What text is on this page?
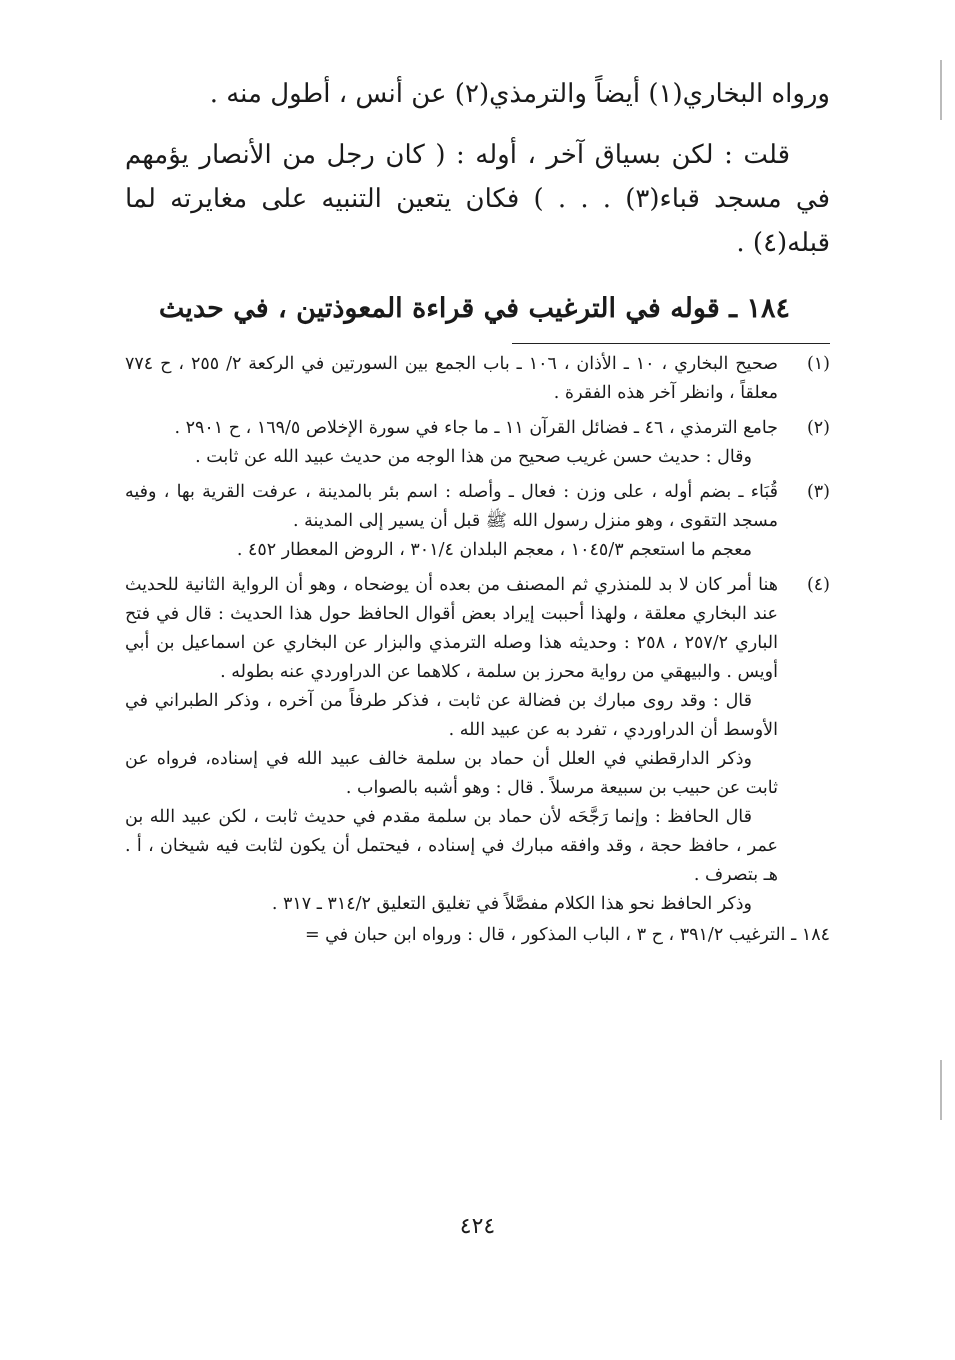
ورواه البخاري(١) أيضاً والترمذي(٢) عن أنس ، أطول منه .

قلت : لكن بسياق آخر ، أوله : ( كان رجل من الأنصار يؤمهم في مسجد قباء(٣) . . . ) فكان يتعين التنبيه على مغايرته لما قبله(٤) .

١٨٤ ـ قوله في الترغيب في قراءة المعوذتين ، في حديث

(١)

صحيح البخاري ، ١٠ ـ الأذان ، ١٠٦ ـ باب الجمع بين السورتين في الركعة ٢/ ٢٥٥ ، ح ٧٧٤ معلقاً ، وانظر آخر هذه الفقرة .

(٢)

جامع الترمذي ، ٤٦ ـ فضائل القرآن ١١ ـ ما جاء في سورة الإخلاص ١٦٩/٥ ، ح ٢٩٠١ .

وقال : حديث حسن غريب صحيح من هذا الوجه من حديث عبيد الله عن ثابت .

(٣)

قُبَاء ـ بضم أوله ، على وزن : فعال ـ وأصله : اسم بئر بالمدينة ، عرفت القرية بها ، وفيه مسجد التقوى ، وهو منزل رسول الله ﷺ قبل أن يسير إلى المدينة .

معجم ما استعجم ١٠٤٥/٣ ، معجم البلدان ٣٠١/٤ ، الروض المعطار ٤٥٢ .

(٤)

هنا أمر كان لا بد للمنذري ثم المصنف من بعده أن يوضحاه ، وهو أن الرواية الثانية للحديث عند البخاري معلقة ، ولهذا أحببت إيراد بعض أقوال الحافظ حول هذا الحديث : قال في فتح الباري ٢٥٧/٢ ، ٢٥٨ : وحديثه هذا وصله الترمذي والبزار عن البخاري عن اسماعيل بن أبي أويس . والبيهقي من رواية محرز بن سلمة ، كلاهما عن الدراوردي عنه بطوله .

قال : وقد روى مبارك بن فضالة عن ثابت ، فذكر طرفاً من آخره ، وذكر الطبراني في الأوسط أن الدراوردي ، تفرد به عن عبيد الله .

وذكر الدارقطني في العلل أن حماد بن سلمة خالف عبيد الله في إسناده، فرواه عن ثابت عن حبيب بن سبيعة مرسلاً . قال : وهو أشبه بالصواب .

قال الحافظ : وإنما رَجَّحَه لأن حماد بن سلمة مقدم في حديث ثابت ، لكن عبيد الله بن عمر ، حافظ حجة ، وقد وافقه مبارك في إسناده ، فيحتمل أن يكون لثابت فيه شيخان ، أ . هـ بتصرف .

وذكر الحافظ نحو هذا الكلام مفصَّلاً في تغليق التعليق ٣١٤/٢ ـ ٣١٧ .

١٨٤ ـ الترغيب ٣٩١/٢ ، ح ٣ ، الباب المذكور ، قال : ورواه ابن حبان في =
٤٢٤
